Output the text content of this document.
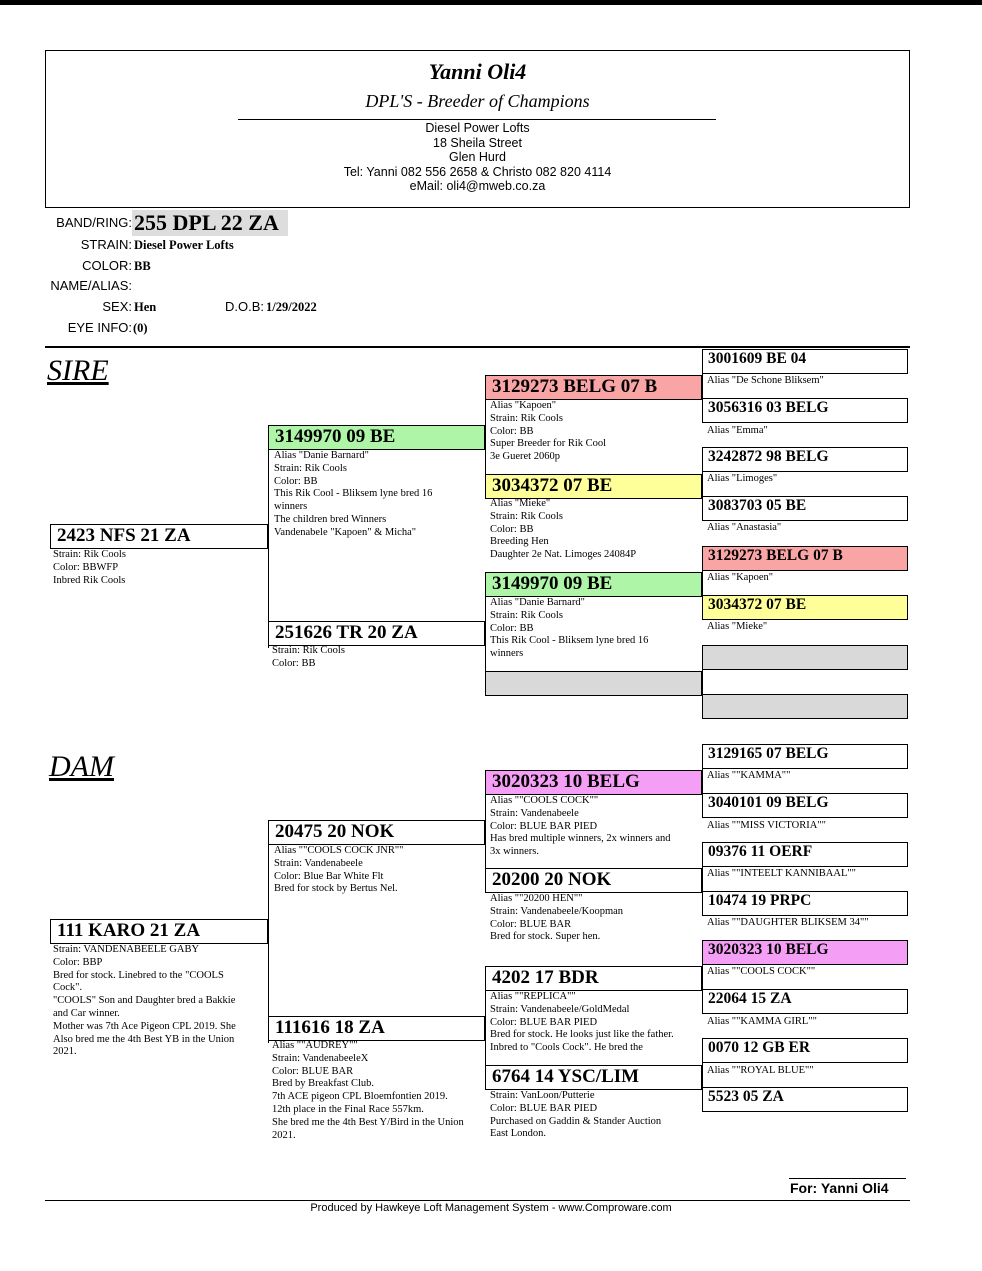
Yanni Oli4
DPL'S - Breeder of Champions
Diesel Power Lofts
18 Sheila Street
Glen Hurd
Tel: Yanni 082 556 2658 & Christo 082 820 4114
eMail: oli4@mweb.co.za
BAND/RING: 255 DPL 22 ZA
STRAIN: Diesel Power Lofts
COLOR: BB
NAME/ALIAS:
SEX: Hen	D.O.B: 1/29/2022
EYE INFO: (0)
SIRE
DAM
2423 NFS 21 ZA
Strain: Rik Cools
Color: BBWFP
Inbred Rik Cools
3149970 09 BE
Alias "Danie Barnard"
Strain: Rik Cools
Color: BB
This Rik Cool - Bliksem lyne bred 16
winners
The children bred Winners
Vandenabele "Kapoen" & Micha"
251626 TR 20 ZA
Strain: Rik Cools
Color: BB
3129273 BELG 07 B
Alias "Kapoen"
Strain: Rik Cools
Color: BB
Super Breeder for Rik Cool
3e Gueret 2060p
3034372 07 BE
Alias "Mieke"
Strain: Rik Cools
Color: BB
Breeding Hen
Daughter 2e Nat. Limoges 24084P
3149970 09 BE
Alias "Danie Barnard"
Strain: Rik Cools
Color: BB
This Rik Cool - Bliksem lyne bred 16
winners
3001609 BE 04
Alias "De Schone Bliksem"
3056316 03 BELG
Alias "Emma"
3242872 98 BELG
Alias "Limoges"
3083703 05 BE
Alias "Anastasia"
3129273 BELG 07 B
Alias "Kapoen"
3034372 07 BE
Alias "Mieke"
111 KARO 21 ZA
Strain: VANDENABEELE GABY
Color: BBP
Bred for stock. Linebred to the "COOLS
Cock".
"COOLS" Son and Daughter bred a Bakkie
and Car winner.
Mother was 7th Ace Pigeon CPL 2019. She
Also bred me the 4th Best YB in the Union
2021.
20475 20 NOK
Alias ""COOLS COCK JNR""
Strain: Vandenabeele
Color: Blue Bar White Flt
Bred for stock by Bertus Nel.
111616 18 ZA
Alias ""AUDREY""
Strain: VandenabeeleX
Color: BLUE BAR
Bred by Breakfast Club.
7th ACE pigeon CPL Bloemfontien 2019.
12th place in the Final Race 557km.
She bred me the 4th Best Y/Bird in the Union
2021.
3020323 10 BELG
Alias ""COOLS COCK""
Strain: Vandenabeele
Color: BLUE BAR PIED
Has bred multiple winners, 2x winners and
3x winners.
20200 20 NOK
Alias ""20200 HEN""
Strain: Vandenabeele/Koopman
Color: BLUE BAR
Bred for stock. Super hen.
4202 17 BDR
Alias ""REPLICA""
Strain: Vandenabeele/GoldMedal
Color: BLUE BAR PIED
Bred for stock. He looks just like the father.
Inbred to "Cools Cock". He bred the
6764 14 YSC/LIM
Strain: VanLoon/Putterie
Color: BLUE BAR PIED
Purchased on Gaddin & Stander Auction
East London.
3129165 07 BELG
Alias ""KAMMA""
3040101 09 BELG
Alias ""MISS VICTORIA""
09376 11 OERF
Alias ""INTEELT KANNIBAAL""
10474 19 PRPC
Alias ""DAUGHTER BLIKSEM 34""
3020323 10 BELG
Alias ""COOLS COCK""
22064 15 ZA
Alias ""KAMMA GIRL""
0070 12 GB ER
Alias ""ROYAL BLUE""
5523 05 ZA
For: Yanni Oli4
Produced by Hawkeye Loft Management System - www.Comproware.com
